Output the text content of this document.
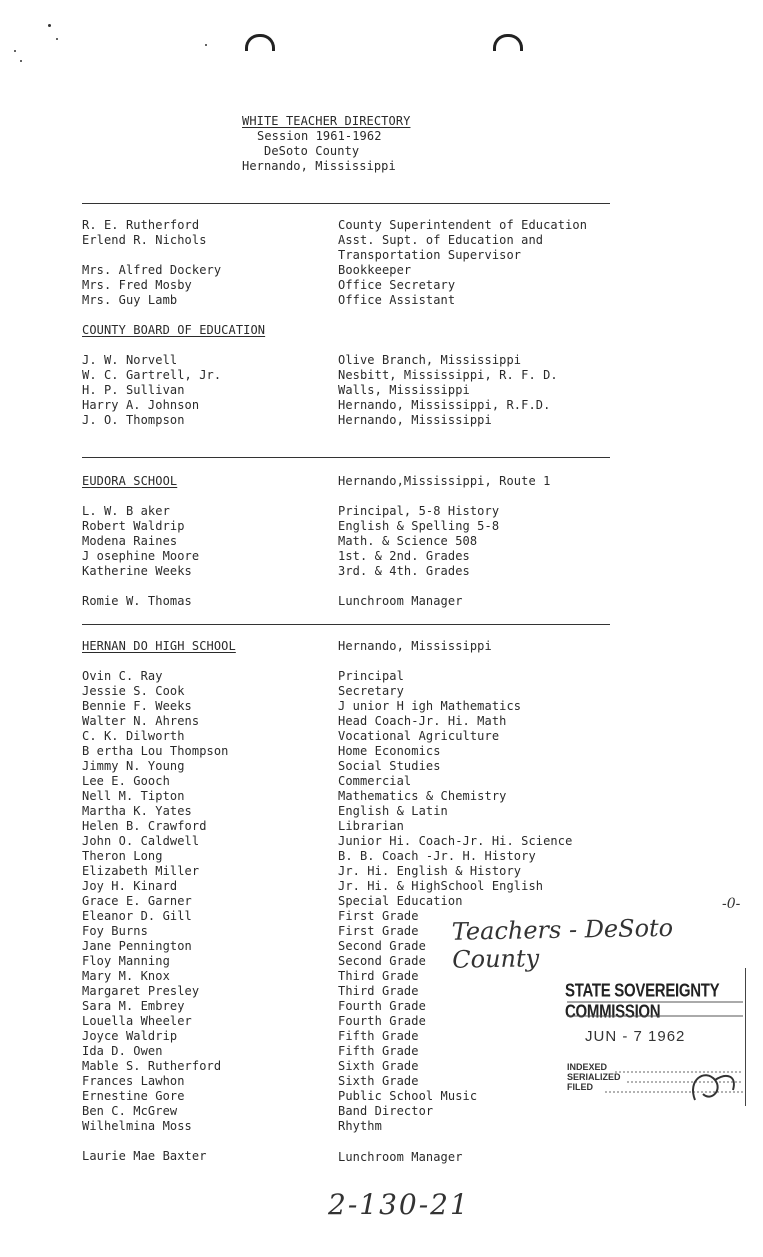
WHITE TEACHER DIRECTORY
Session 1961-1962
DeSoto County
Hernando, Mississippi
R. E. Rutherford	County Superintendent of Education
Erlend R. Nichols	Asst. Supt. of Education and
Transportation Supervisor
Mrs. Alfred Dockery	Bookkeeper
Mrs. Fred Mosby	Office Secretary
Mrs. Guy Lamb	Office Assistant
COUNTY BOARD OF EDUCATION
J. W. Norvell	Olive Branch, Mississippi
W. C. Gartrell, Jr.	Nesbitt, Mississippi, R. F. D.
H. P. Sullivan	Walls, Mississippi
Harry A. Johnson	Hernando, Mississippi, R.F.D.
J. O. Thompson	Hernando, Mississippi
EUDORA SCHOOL	Hernando,Mississippi, Route 1
L. W. B aker	Principal, 5-8 History
Robert Waldrip	English & Spelling 5-8
Modena Raines	Math. & Science 508
J osephine Moore	1st. & 2nd. Grades
Katherine Weeks	3rd. & 4th. Grades
Romie W. Thomas	Lunchroom Manager
HERNAN DO HIGH SCHOOL	Hernando, Mississippi
Ovin C. Ray	Principal
Jessie S. Cook	Secretary
Bennie F. Weeks	J unior H igh Mathematics
Walter N. Ahrens	Head Coach-Jr. Hi. Math
C. K. Dilworth	Vocational Agriculture
B ertha Lou Thompson	Home Economics
Jimmy N. Young	Social Studies
Lee E. Gooch	Commercial
Nell M. Tipton	Mathematics & Chemistry
Martha K. Yates	English & Latin
Helen B. Crawford	Librarian
John O. Caldwell	Junior Hi. Coach-Jr. Hi. Science
Theron Long	B. B. Coach -Jr. H. History
Elizabeth Miller	Jr. Hi. English & History
Joy H. Kinard	Jr. Hi. & HighSchool English
Grace E. Garner	Special Education
Eleanor D. Gill	First Grade
Foy Burns	First Grade
Jane Pennington	Second Grade
Floy Manning	Second Grade
Mary M. Knox	Third Grade
Margaret Presley	Third Grade
Sara M. Embrey	Fourth Grade
Louella Wheeler	Fourth Grade
Joyce Waldrip	Fifth Grade
Ida D. Owen	Fifth Grade
Mable S. Rutherford	Sixth Grade
Frances Lawhon	Sixth Grade
Ernestine Gore	Public School Music
Ben C. McGrew	Band Director
Wilhelmina Moss	Rhythm
Laurie Mae Baxter	Lunchroom Manager
Teachers - DeSoto County
-0-
2-130-21
STATE SOVEREIGNTY COMMISSION
JUN - 7 1962
INDEXED
SERIALIZED
FILED
